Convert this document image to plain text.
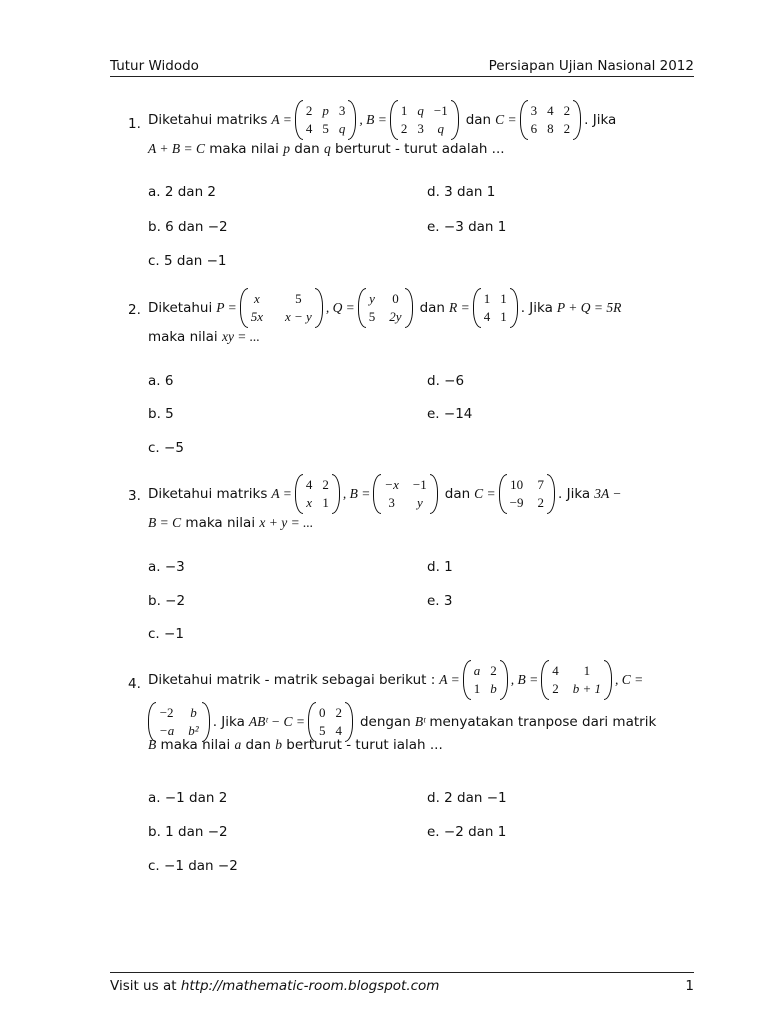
Tutur Widodo	Persiapan Ujian Nasional 2012
1. Diketahui matriks A =
2 p 3
4 5 q
, B =
1 q −1
2 3 q
dan C =
3 4 2
6 8 2
. Jika
A + B = C maka nilai p dan q berturut - turut adalah ...
a. 2 dan 2	d. 3 dan 1
b. 6 dan −2	e. −3 dan 1
c. 5 dan −1
2. Diketahui P =
x	5
5x x − y
, Q =
y 0
5 2y
dan R =
1 1
4 1
. Jika P + Q = 5R
maka nilai xy = ...
a. 6	d. −6
b. 5	e. −14
c. −5
3. Diketahui matriks A =
4 2
x 1
, B =
−x −1
3 y
dan C =
10 7
−9 2
. Jika 3A −
B = C maka nilai x + y = ...
a. −3	d. 1
b. −2	e. 3
c. −1
4. Diketahui matrik - matrik sebagai berikut : A =
a 2
1 b
, B =
4 1
2 b + 1
, C =
−2 b
−a b²
. Jika ABᵗ − C =
0 2
5 4
dengan Bᵗ menyatakan tranpose dari matrik
B maka nilai a dan b berturut - turut ialah ...
a. −1 dan 2	d. 2 dan −1
b. 1 dan −2	e. −2 dan 1
c. −1 dan −2
Visit us at http://mathematic-room.blogspot.com	1
